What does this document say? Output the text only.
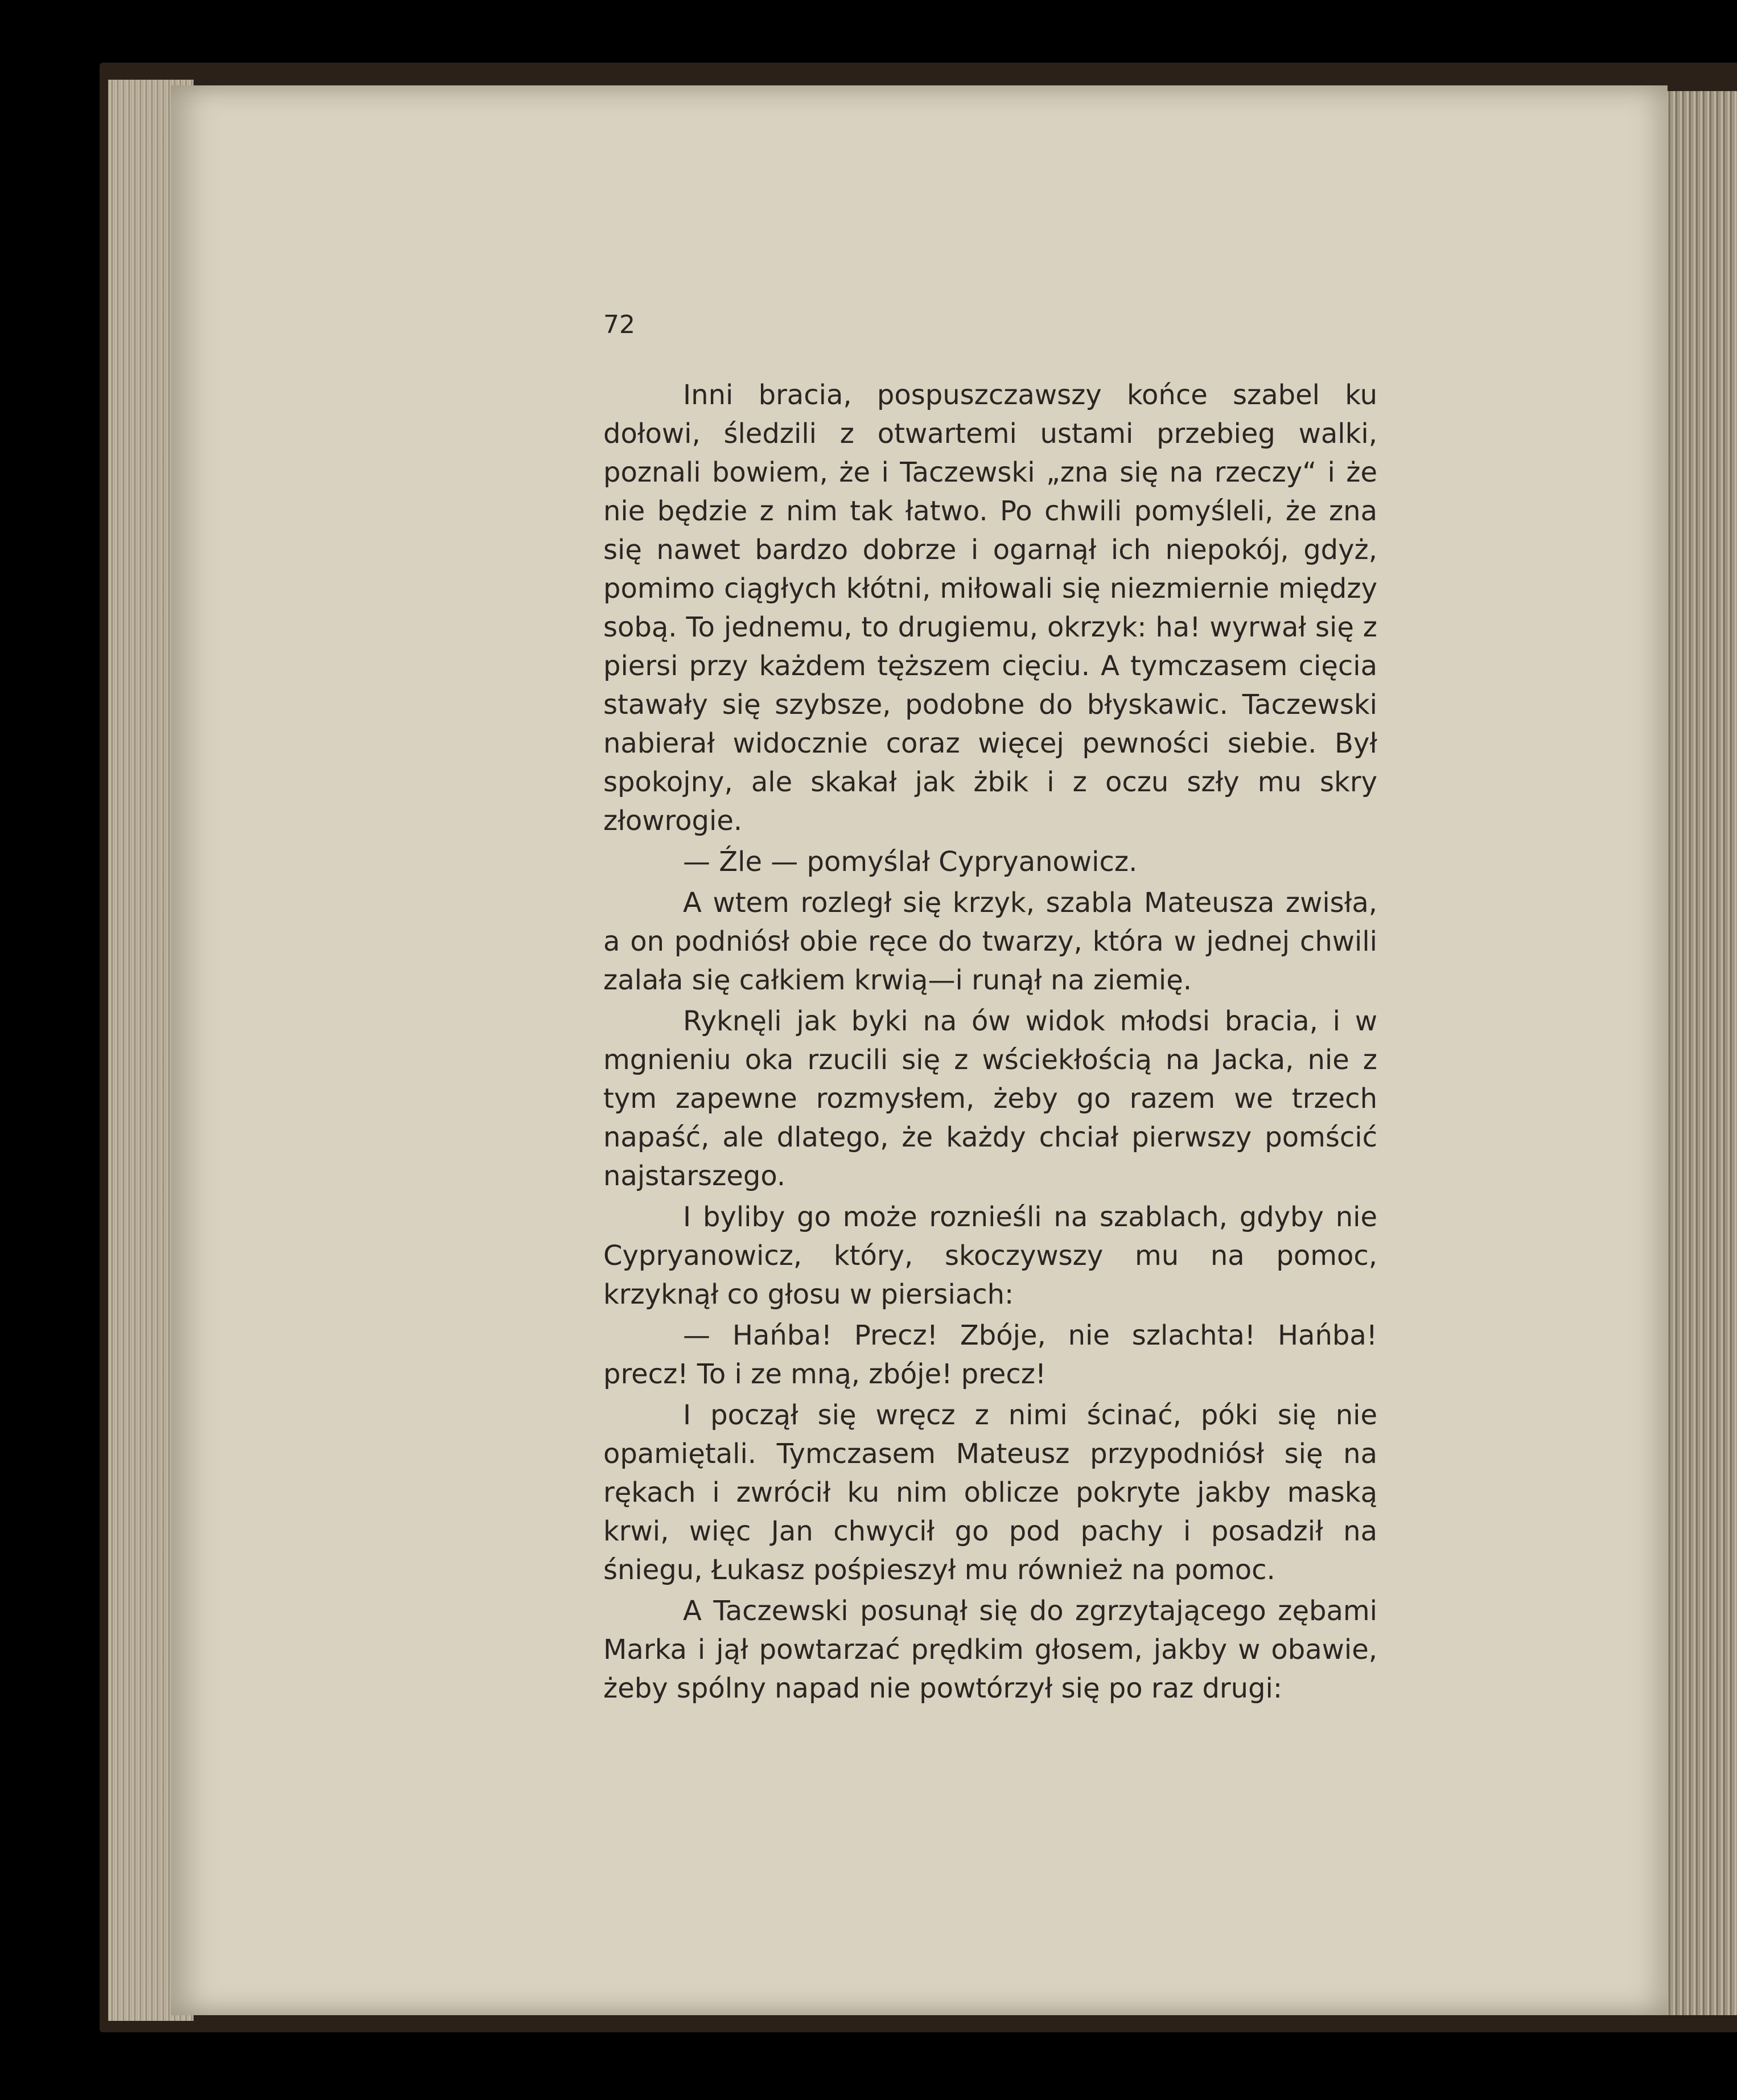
72

Inni bracia, pospuszczawszy końce szabel ku dołowi, śledzili z otwartemi ustami przebieg walki, poznali bowiem, że i Taczewski „zna się na rzeczy“ i że nie będzie z nim tak łatwo. Po chwili pomyśleli, że zna się nawet bardzo dobrze i ogarnął ich niepokój, gdyż, pomimo ciągłych kłótni, miłowali się niezmiernie między sobą. To jednemu, to drugiemu, okrzyk: ha! wyrwał się z piersi przy każdem tęższem cięciu. A tymczasem cięcia stawały się szybsze, podobne do błyskawic. Taczewski nabierał widocznie coraz więcej pewności siebie. Był spokojny, ale skakał jak żbik i z oczu szły mu skry złowrogie.

— Źle — pomyślał Cypryanowicz.

A wtem rozległ się krzyk, szabla Mateusza zwisła, a on podniósł obie ręce do twarzy, która w jednej chwili zalała się całkiem krwią—i runął na ziemię.

Ryknęli jak byki na ów widok młodsi bracia, i w mgnieniu oka rzucili się z wściekłością na Jacka, nie z tym zapewne rozmysłem, żeby go razem we trzech napaść, ale dlatego, że każdy chciał pierwszy pomścić najstarszego.

I byliby go może roznieśli na szablach, gdyby nie Cypryanowicz, który, skoczywszy mu na pomoc, krzyknął co głosu w piersiach:

— Hańba! Precz! Zbóje, nie szlachta! Hańba! precz! To i ze mną, zbóje! precz!

I począł się wręcz z nimi ścinać, póki się nie opamiętali. Tymczasem Mateusz przypodniósł się na rękach i zwrócił ku nim oblicze pokryte jakby maską krwi, więc Jan chwycił go pod pachy i posadził na śniegu, Łukasz pośpieszył mu również na pomoc.

A Taczewski posunął się do zgrzytającego zębami Marka i jął powtarzać prędkim głosem, jakby w obawie, żeby spólny napad nie powtórzył się po raz drugi:
